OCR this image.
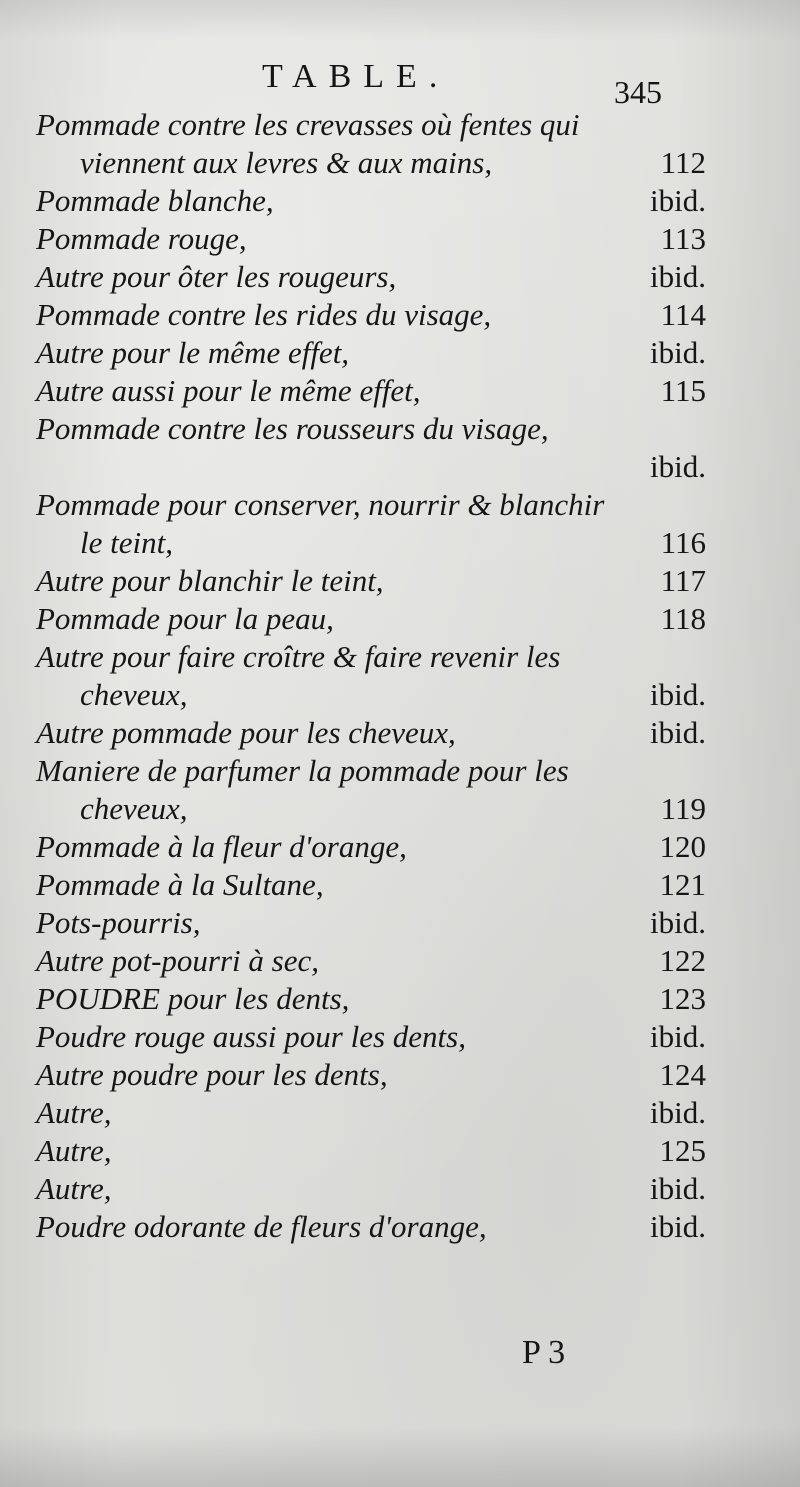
TABLE.	345
Pommade contre les crevasses où fentes qui
viennent aux levres & aux mains,	112
Pommade blanche,	ibid.
Pommade rouge,	113
Autre pour ôter les rougeurs,	ibid.
Pommade contre les rides du visage,	114
Autre pour le même effet,	ibid.
Autre aussi pour le même effet,	115
Pommade contre les roussеurs du visage,

ibid.
Pommade pour conserver, nourrir & blanchir
le teint,	116
Autre pour blanchir le teint,	117
Pommade pour la peau,	118
Autre pour faire croître & faire revenir les
cheveux,	ibid.
Autre pommade pour les cheveux,	ibid.
Maniere de parfumer la pommade pour les
cheveux,	119
Pommade à la fleur d'orange,	120
Pommade à la Sultane,	121
Pots-pourris,	ibid.
Autre pot-pourri à sec,	122
POUDRE pour les dents,	123
Poudre rouge aussi pour les dents,	ibid.
Autre poudre pour les dents,	124
Autre,	ibid.
Autre,	125
Autre,	ibid.
Poudre odorante de fleurs d'orange,	ibid.
P 3
